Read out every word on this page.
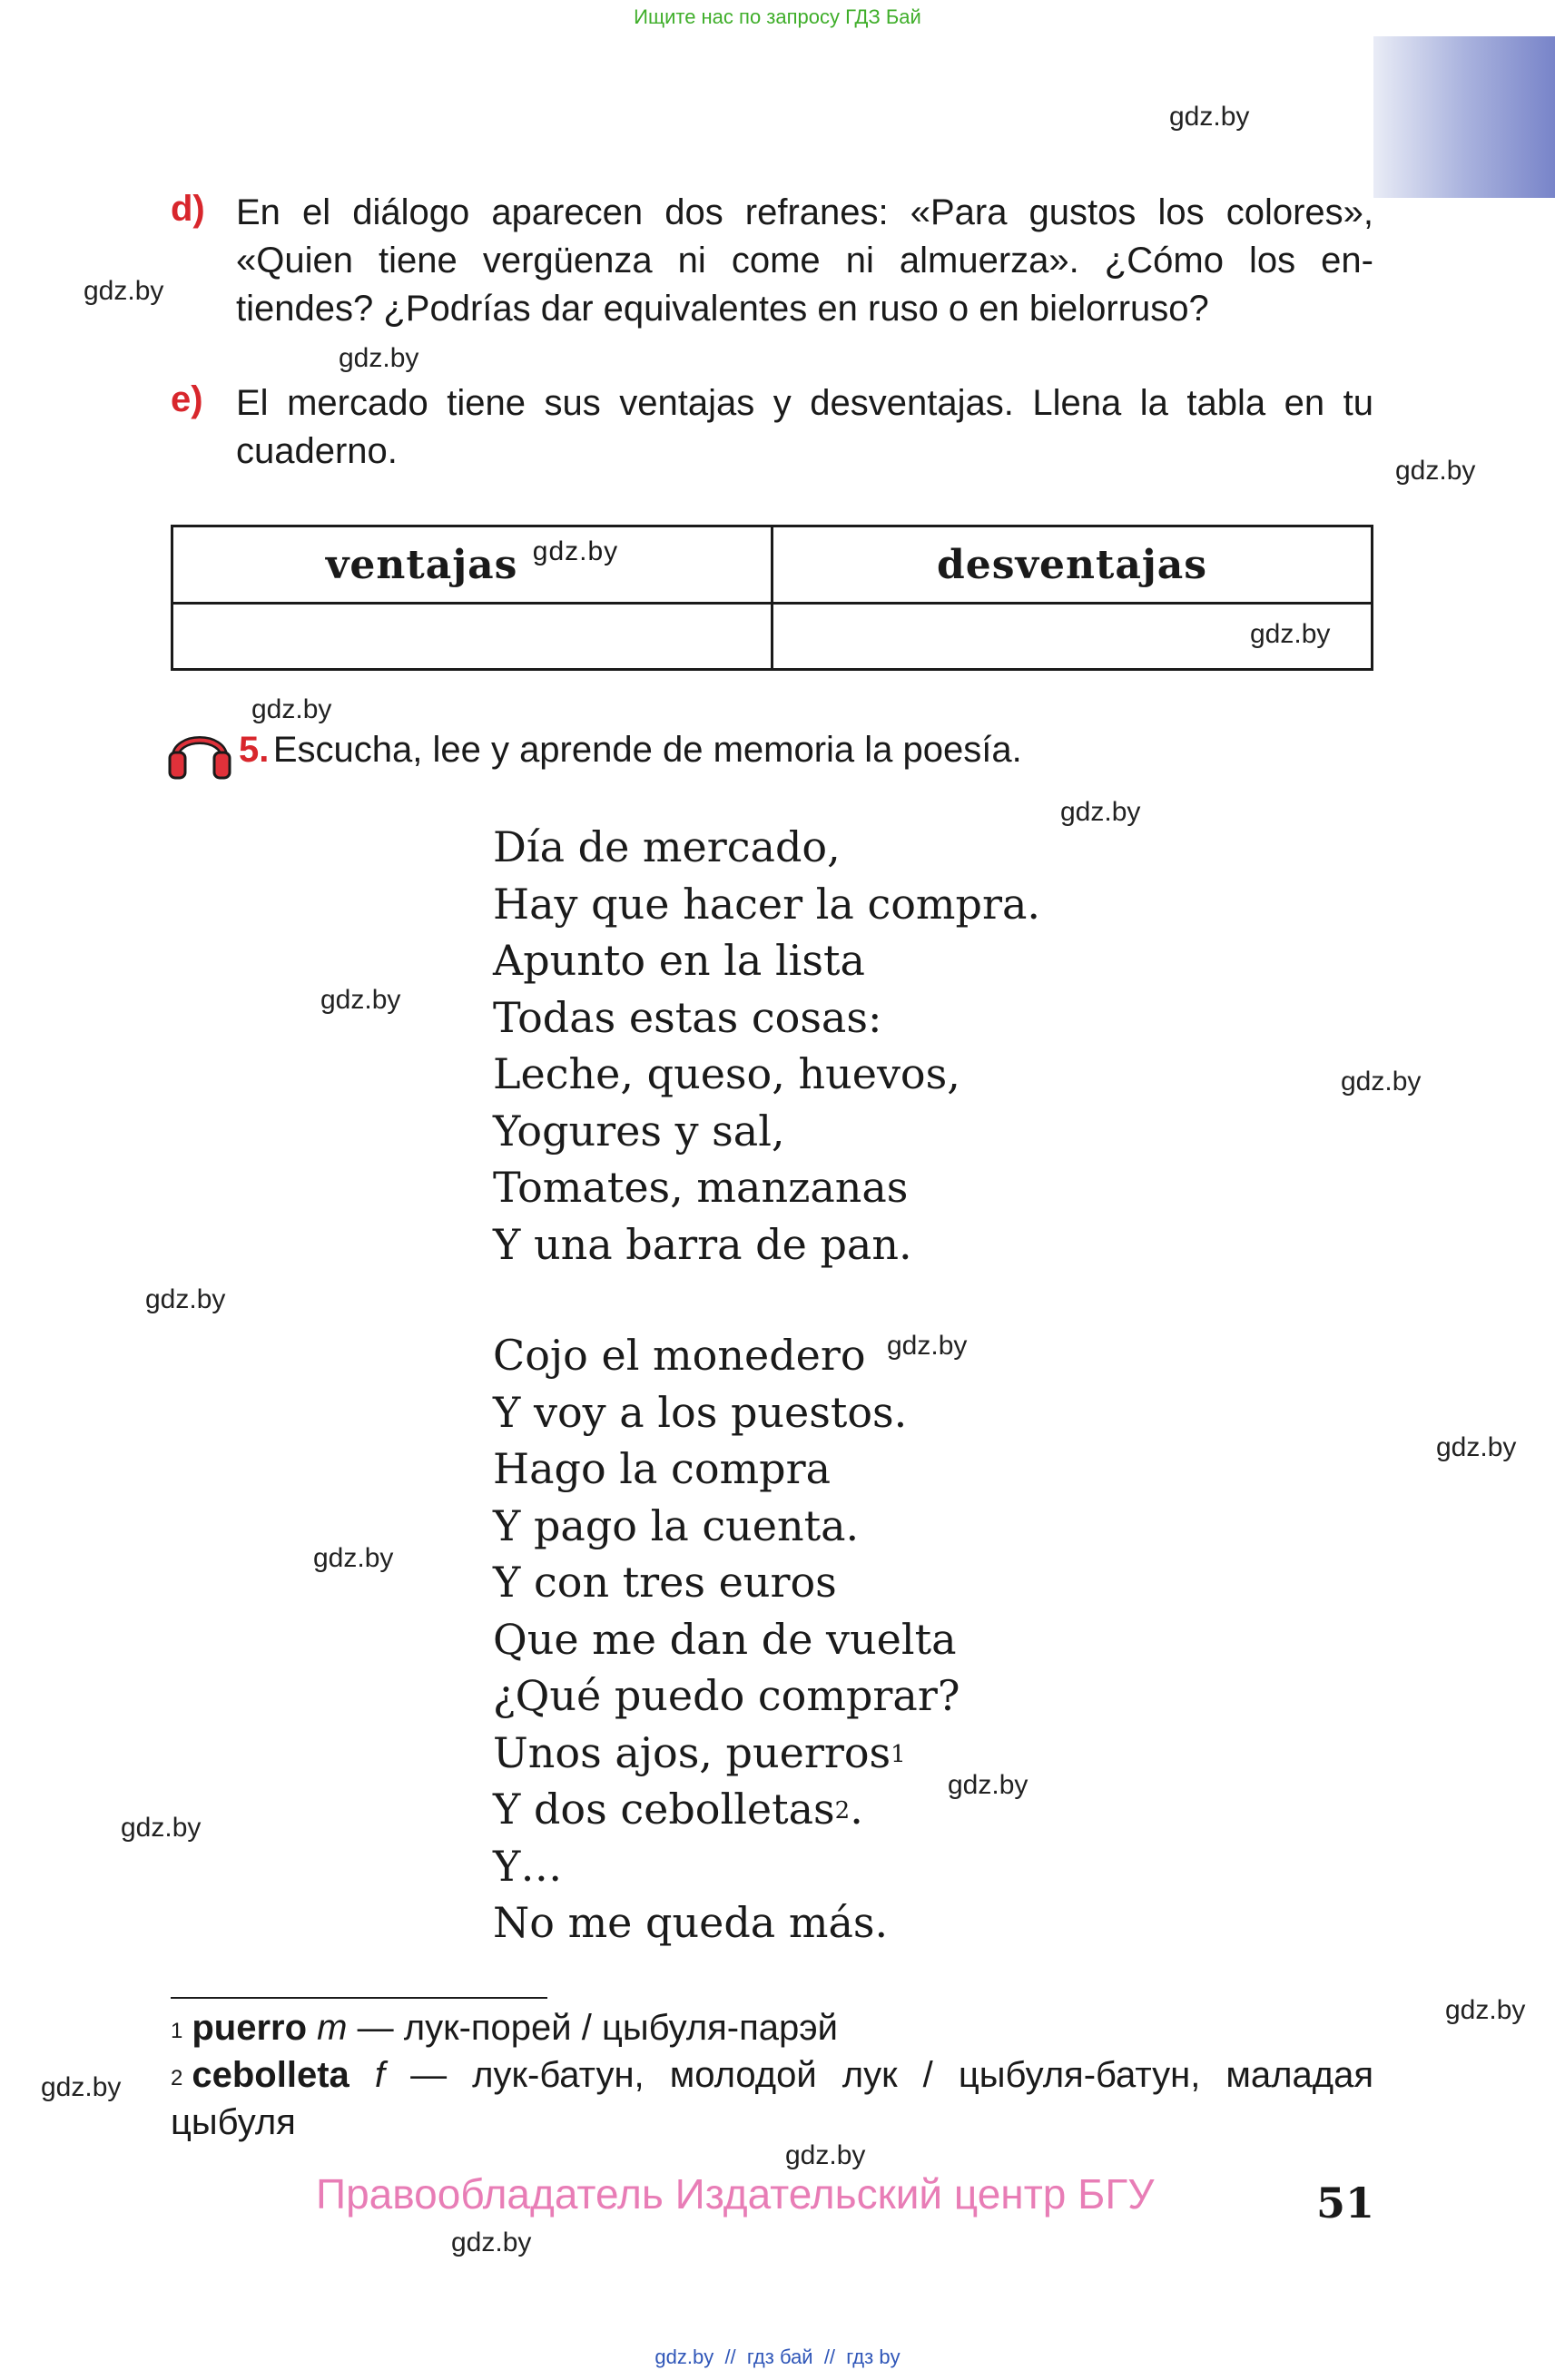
Ищите нас по запросу ГДЗ Бай
gdz.by
gdz.by
gdz.by
gdz.by
gdz.by
gdz.by
gdz.by
gdz.by
gdz.by
gdz.by
gdz.by
gdz.by
gdz.by
gdz.by
gdz.by
gdz.by
gdz.by
gdz.by
gdz.by
d) En el diálogo aparecen dos refranes: «Para gustos los colores»,
«Quien tiene vergüenza ni come ni almuerza». ¿Cómo los en-
tiendes? ¿Podrías dar equivalentes en ruso o en bielorruso?
e) El mercado tiene sus ventajas y desventajas. Llena la tabla en tu
cuaderno.
ventajas $^{gdz.by}$	desventajas

5. Escucha, lee y aprende de memoria la poesía.
Día de mercado,
Hay que hacer la compra.
Apunto en la lista
Todas estas cosas:
Leche, queso, huevos,
Yogures y sal,
Tomates, manzanas
Y una barra de pan.
Cojo el monedero
Y voy a los puestos.
Hago la compra
Y pago la cuenta.
Y con tres euros
Que me dan de vuelta
¿Qué puedo comprar?
Unos ajos, puerros$^1$
Y dos cebolletas$^2$.
Y…
No me queda más.
$^1$ puerro m — лук-порей / цыбуля-парэй
$^2$ cebolleta f — лук-батун, молодой лук / цыбуля-батун, маладая
цыбуля
Правообладатель Издательский центр БГУ	51
gdz.by  //  гдз бай  //  гдз by
